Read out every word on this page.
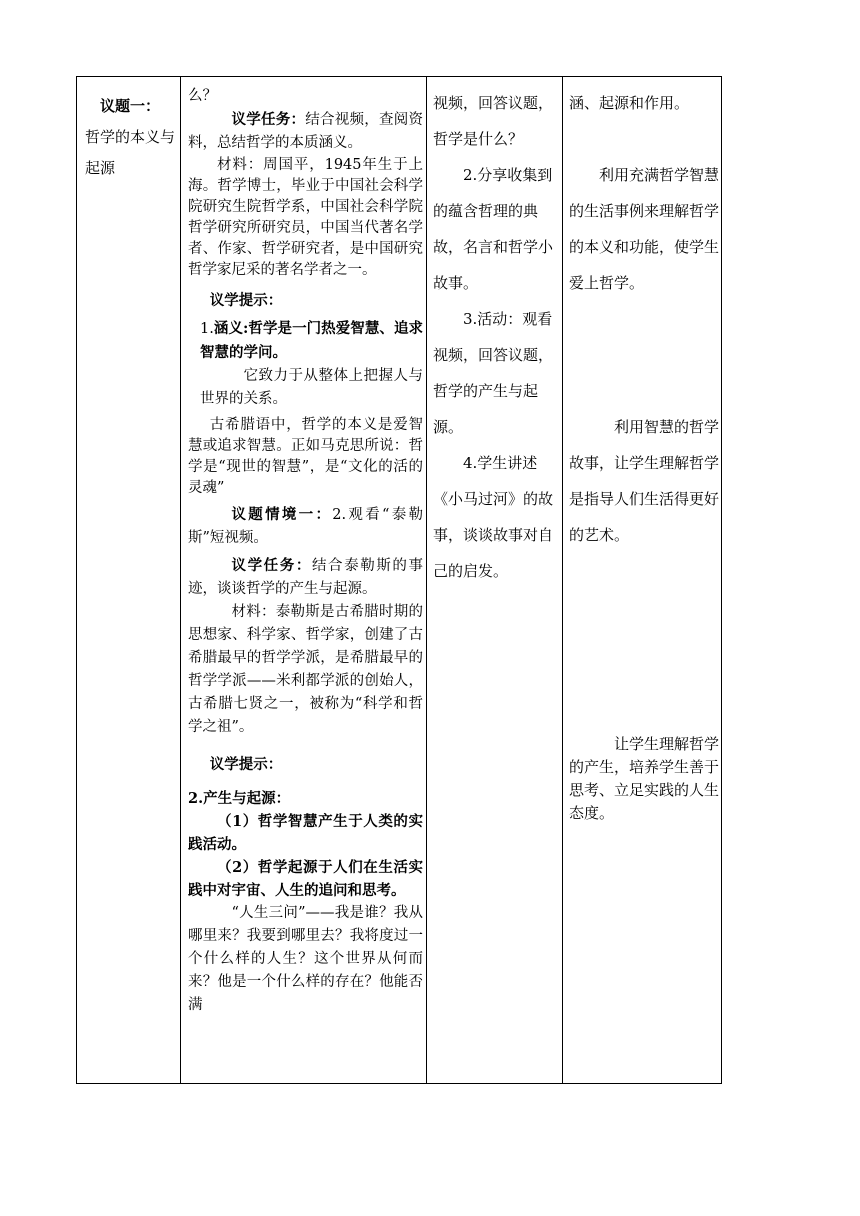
议题一：

哲学的本义与起源

么？

议学任务：结合视频，查阅资料，总结哲学的本质涵义。

材料：周国平，1945年生于上海。哲学博士，毕业于中国社会科学院研究生院哲学系，中国社会科学院哲学研究所研究员，中国当代著名学者、作家、哲学研究者，是中国研究哲学家尼采的著名学者之一。

议学提示：

1.涵义:哲学是一门热爱智慧、追求智慧的学问。

它致力于从整体上把握人与世界的关系。

古希腊语中，哲学的本义是爱智慧或追求智慧。正如马克思所说：哲学是“现世的智慧”，是“文化的活的灵魂”

议题情境一：2.观看“泰勒斯”短视频。

议学任务：结合泰勒斯的事迹，谈谈哲学的产生与起源。

材料：泰勒斯是古希腊时期的思想家、科学家、哲学家，创建了古希腊最早的哲学学派，是希腊最早的哲学学派——米利都学派的创始人，古希腊七贤之一，被称为“科学和哲学之祖”。

议学提示：

2.产生与起源：

（1）哲学智慧产生于人类的实践活动。

（2）哲学起源于人们在生活实践中对宇宙、人生的追问和思考。

“人生三问”——我是谁？我从哪里来？我要到哪里去？我将度过一个什么样的人生？这个世界从何而来？他是一个什么样的存在？他能否满

视频，回答议题，哲学是什么？

2.分享收集到的蕴含哲理的典故，名言和哲学小故事。

3.活动：观看视频，回答议题，哲学的产生与起源。

4.学生讲述《小马过河》的故事，谈谈故事对自己的启发。

涵、起源和作用。

利用充满哲学智慧的生活事例来理解哲学的本义和功能，使学生爱上哲学。

利用智慧的哲学故事，让学生理解哲学是指导人们生活得更好的艺术。

让学生理解哲学的产生，培养学生善于思考、立足实践的人生态度。
